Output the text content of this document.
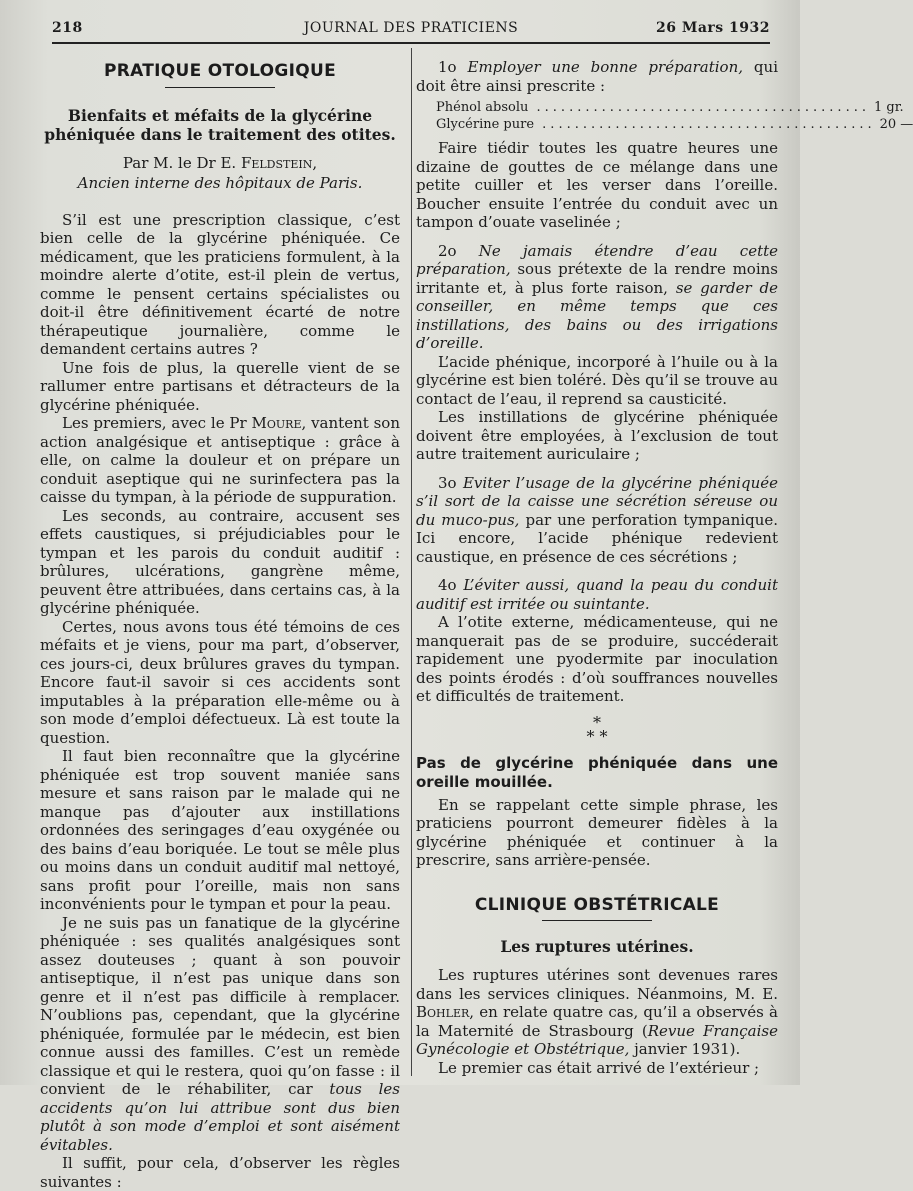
218	JOURNAL DES PRATICIENS	26 Mars 1932
PRATIQUE OTOLOGIQUE
Bienfaits et méfaits de la glycérine phéniquée dans le traitement des otites.
Par M. le Dr E. Feldstein,
Ancien interne des hôpitaux de Paris.

S’il est une prescription classique, c’est bien celle de la glycérine phéniquée. Ce médicament, que les praticiens formulent, à la moindre alerte d’otite, est-il plein de vertus, comme le pensent certains spécialistes ou doit-il être définitivement écarté de notre thérapeutique journalière, comme le demandent certains autres ?

Une fois de plus, la querelle vient de se rallumer entre partisans et détracteurs de la glycérine phéniquée.

Les premiers, avec le Pr Moure, vantent son action analgésique et antiseptique : grâce à elle, on calme la douleur et on prépare un conduit aseptique qui ne surinfectera pas la caisse du tympan, à la période de suppuration.

Les seconds, au contraire, accusent ses effets caustiques, si préjudiciables pour le tympan et les parois du conduit auditif : brûlures, ulcérations, gangrène même, peuvent être attribuées, dans certains cas, à la glycérine phéniquée.

Certes, nous avons tous été témoins de ces méfaits et je viens, pour ma part, d’observer, ces jours-ci, deux brûlures graves du tympan. Encore faut-il savoir si ces accidents sont imputables à la préparation elle-même ou à son mode d’emploi défectueux. Là est toute la question.

Il faut bien reconnaître que la glycérine phéniquée est trop souvent maniée sans mesure et sans raison par le malade qui ne manque pas d’ajouter aux instillations ordonnées des seringages d’eau oxygénée ou des bains d’eau boriquée. Le tout se mêle plus ou moins dans un conduit auditif mal nettoyé, sans profit pour l’oreille, mais non sans inconvénients pour le tympan et pour la peau.

Je ne suis pas un fanatique de la glycérine phéniquée : ses qualités analgésiques sont assez douteuses ; quant à son pouvoir antiseptique, il n’est pas unique dans son genre et il n’est pas difficile à remplacer. N’oublions pas, cependant, que la glycérine phéniquée, formulée par le médecin, est bien connue aussi des familles. C’est un remède classique et qui le restera, quoi qu’on fasse : il convient de le réhabiliter, car tous les accidents qu’on lui attribue sont dus bien plutôt à son mode d’emploi et sont aisément évitables.

Il suffit, pour cela, d’observer les règles suivantes :

1o Employer une bonne préparation, qui doit être ainsi prescrite :

Phénol absolu ......................................... 1 gr.
Glycérine pure ......................................... 20 —

Faire tiédir toutes les quatre heures une dizaine de gouttes de ce mélange dans une petite cuiller et les verser dans l’oreille. Boucher ensuite l’entrée du conduit avec un tampon d’ouate vaselinée ;

2o Ne jamais étendre d’eau cette préparation, sous prétexte de la rendre moins irritante et, à plus forte raison, se garder de conseiller, en même temps que ces instillations, des bains ou des irrigations d’oreille.

L’acide phénique, incorporé à l’huile ou à la glycérine est bien toléré. Dès qu’il se trouve au contact de l’eau, il reprend sa causticité.

Les instillations de glycérine phéniquée doivent être employées, à l’exclusion de tout autre traitement auriculaire ;

3o Eviter l’usage de la glycérine phéniquée s’il sort de la caisse une sécrétion séreuse ou du muco-pus, par une perforation tympanique. Ici encore, l’acide phénique redevient caustique, en présence de ces sécrétions ;

4o L’éviter aussi, quand la peau du conduit auditif est irritée ou suintante.

A l’otite externe, médicamenteuse, qui ne manquerait pas de se produire, succéderait rapidement une pyodermite par inoculation des points érodés : d’où souffrances nouvelles et difficultés de traitement.

*
* *

Pas de glycérine phéniquée dans une oreille mouillée.

En se rappelant cette simple phrase, les praticiens pourront demeurer fidèles à la glycérine phéniquée et continuer à la prescrire, sans arrière-pensée.

CLINIQUE OBSTÉTRICALE
Les ruptures utérines.

Les ruptures utérines sont devenues rares dans les services cliniques. Néanmoins, M. E. Bohler, en relate quatre cas, qu’il a observés à la Maternité de Strasbourg (Revue Française Gynécologie et Obstétrique, janvier 1931).

Le premier cas était arrivé de l’extérieur ;
